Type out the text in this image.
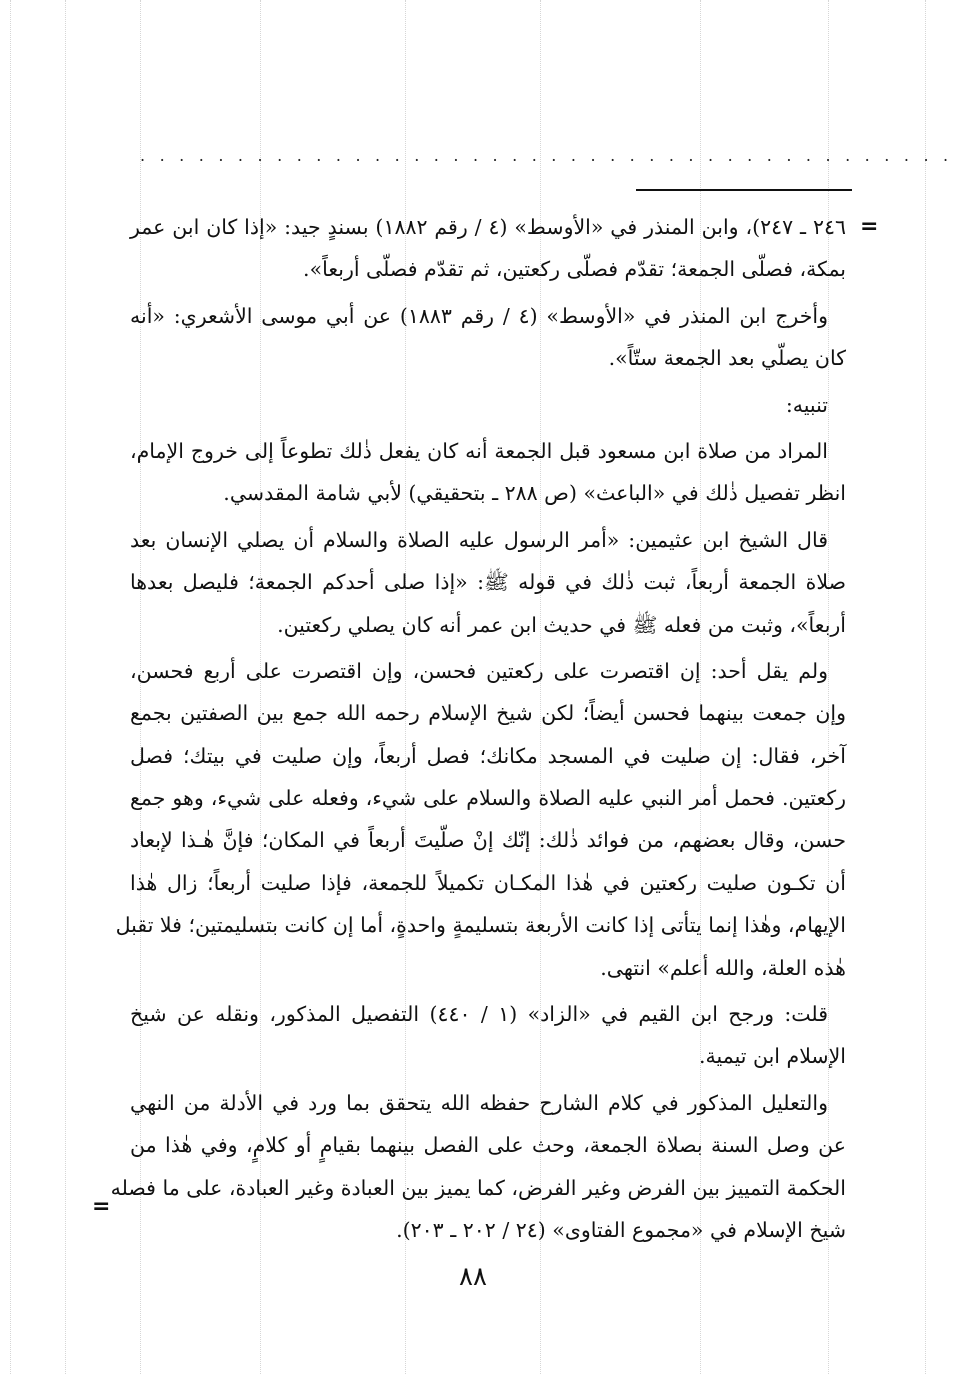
..........................................
=
٢٤٦ ـ ٢٤٧)، وابن المنذر في «الأوسط» (٤ / رقم ١٨٨٢) بسندٍ جيد: «إذا كان ابن عمر
بمكة، فصلّى الجمعة؛ تقدّم فصلّى ركعتين، ثم تقدّم فصلّى أربعاً».
وأخرج ابن المنذر في «الأوسط» (٤ / رقم ١٨٨٣) عن أبي موسى الأشعري: «أنه
كان يصلّي بعد الجمعة ستّاً».
تنبيه:
المراد من صلاة ابن مسعود قبل الجمعة أنه كان يفعل ذٰلك تطوعاً إلى خروج الإمام،
انظر تفصيل ذٰلك في «الباعث» (ص ٢٨٨ ـ بتحقيقي) لأبي شامة المقدسي.
قال الشيخ ابن عثيمين: «أمر الرسول عليه الصلاة والسلام أن يصلي الإنسان بعد
صلاة الجمعة أربعاً، ثبت ذٰلك في قوله ﷺ: «إذا صلى أحدكم الجمعة؛ فليصل بعدها
أربعاً»، وثبت من فعله ﷺ في حديث ابن عمر أنه كان يصلي ركعتين.
ولم يقل أحد: إن اقتصرت على ركعتين فحسن، وإن اقتصرت على أربع فحسن،
وإن جمعت بينهما فحسن أيضاً؛ لكن شيخ الإسلام رحمه الله جمع بين الصفتين بجمع
آخر، فقال: إن صليت في المسجد مكانك؛ فصل أربعاً، وإن صليت في بيتك؛ فصل
ركعتين. فحمل أمر النبي عليه الصلاة والسلام على شيء، وفعله على شيء، وهو جمع
حسن، وقال بعضهم، من فوائد ذٰلك: إنّك إنْ صلّيتَ أربعاً في المكان؛ فإنَّ هٰـذا لإبعاد
أن تكـون صليت ركعتين في هٰذا المكـان تكميلاً للجمعة، فإذا صليت أربعاً؛ زال هٰذا
الإيهام، وهٰذا إنما يتأتى إذا كانت الأربعة بتسليمةٍ واحدةٍ، أما إن كانت بتسليمتين؛ فلا تقبل
هٰذه العلة، والله أعلم» انتهى.
قلت: ورجح ابن القيم في «الزاد» (١ / ٤٤٠) التفصيل المذكور، ونقله عن شيخ
الإسلام ابن تيمية.
والتعليل المذكور في كلام الشارح حفظه الله يتحقق بما ورد في الأدلة من النهي
عن وصل السنة بصلاة الجمعة، وحث على الفصل بينهما بقيامٍ أو كلامٍ، وفي هٰذا من
الحكمة التمييز بين الفرض وغير الفرض، كما يميز بين العبادة وغير العبادة، على ما فصله
شيخ الإسلام في «مجموع الفتاوى» (٢٤ / ٢٠٢ ـ ٢٠٣).
=
٨٨
